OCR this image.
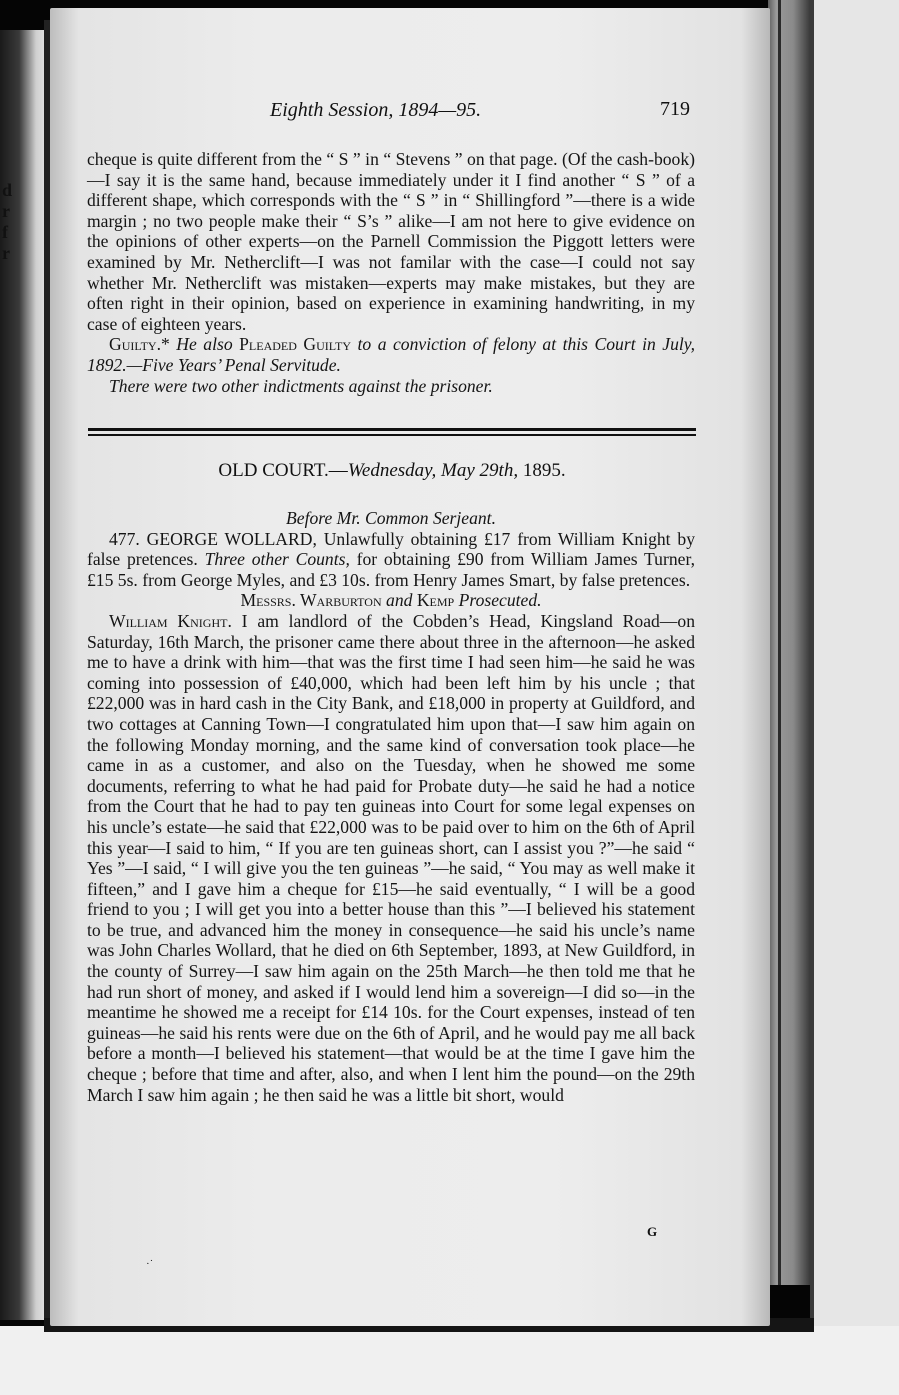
d
r
f
r
Eighth Session, 1894—95.	719

cheque is quite different from the “ S ” in “ Stevens ” on that page. (Of the cash-book)—I say it is the same hand, because immediately under it I find another “ S ” of a different shape, which corresponds with the “ S ” in “ Shillingford ”—there is a wide margin ; no two people make their “ S’s ” alike—I am not here to give evidence on the opinions of other experts—on the Parnell Commission the Piggott letters were examined by Mr. Netherclift—I was not familar with the case—I could not say whether Mr. Netherclift was mistaken—experts may make mistakes, but they are often right in their opinion, based on experience in examining handwriting, in my case of eighteen years.

Guilty.* He also Pleaded Guilty to a conviction of felony at this Court in July, 1892.—Five Years’ Penal Servitude.

There were two other indictments against the prisoner.

OLD COURT.—Wednesday, May 29th, 1895.
Before Mr. Common Serjeant.

477. GEORGE WOLLARD, Unlawfully obtaining £17 from William Knight by false pretences. Three other Counts, for obtaining £90 from William James Turner, £15 5s. from George Myles, and £3 10s. from Henry James Smart, by false pretences.

Messrs. Warburton and Kemp Prosecuted.

William Knight. I am landlord of the Cobden’s Head, Kingsland Road—on Saturday, 16th March, the prisoner came there about three in the afternoon—he asked me to have a drink with him—that was the first time I had seen him—he said he was coming into possession of £40,000, which had been left him by his uncle ; that £22,000 was in hard cash in the City Bank, and £18,000 in property at Guildford, and two cottages at Canning Town—I congratulated him upon that—I saw him again on the following Monday morning, and the same kind of conversation took place—he came in as a customer, and also on the Tuesday, when he showed me some documents, referring to what he had paid for Probate duty—he said he had a notice from the Court that he had to pay ten guineas into Court for some legal expenses on his uncle’s estate—he said that £22,000 was to be paid over to him on the 6th of April this year—I said to him, “ If you are ten guineas short, can I assist you ?”—he said “ Yes ”—I said, “ I will give you the ten guineas ”—he said, “ You may as well make it fifteen,” and I gave him a cheque for £15—he said eventually, “ I will be a good friend to you ; I will get you into a better house than this ”—I believed his statement to be true, and advanced him the money in consequence—he said his uncle’s name was John Charles Wollard, that he died on 6th September, 1893, at New Guildford, in the county of Surrey—I saw him again on the 25th March—he then told me that he had run short of money, and asked if I would lend him a sovereign—I did so—in the meantime he showed me a receipt for £14 10s. for the Court expenses, instead of ten guineas—he said his rents were due on the 6th of April, and he would pay me all back before a month—I believed his statement—that would be at the time I gave him the cheque ; before that time and after, also, and when I lent him the pound—on the 29th March I saw him again ; he then said he was a little bit short, would

G
·˙
